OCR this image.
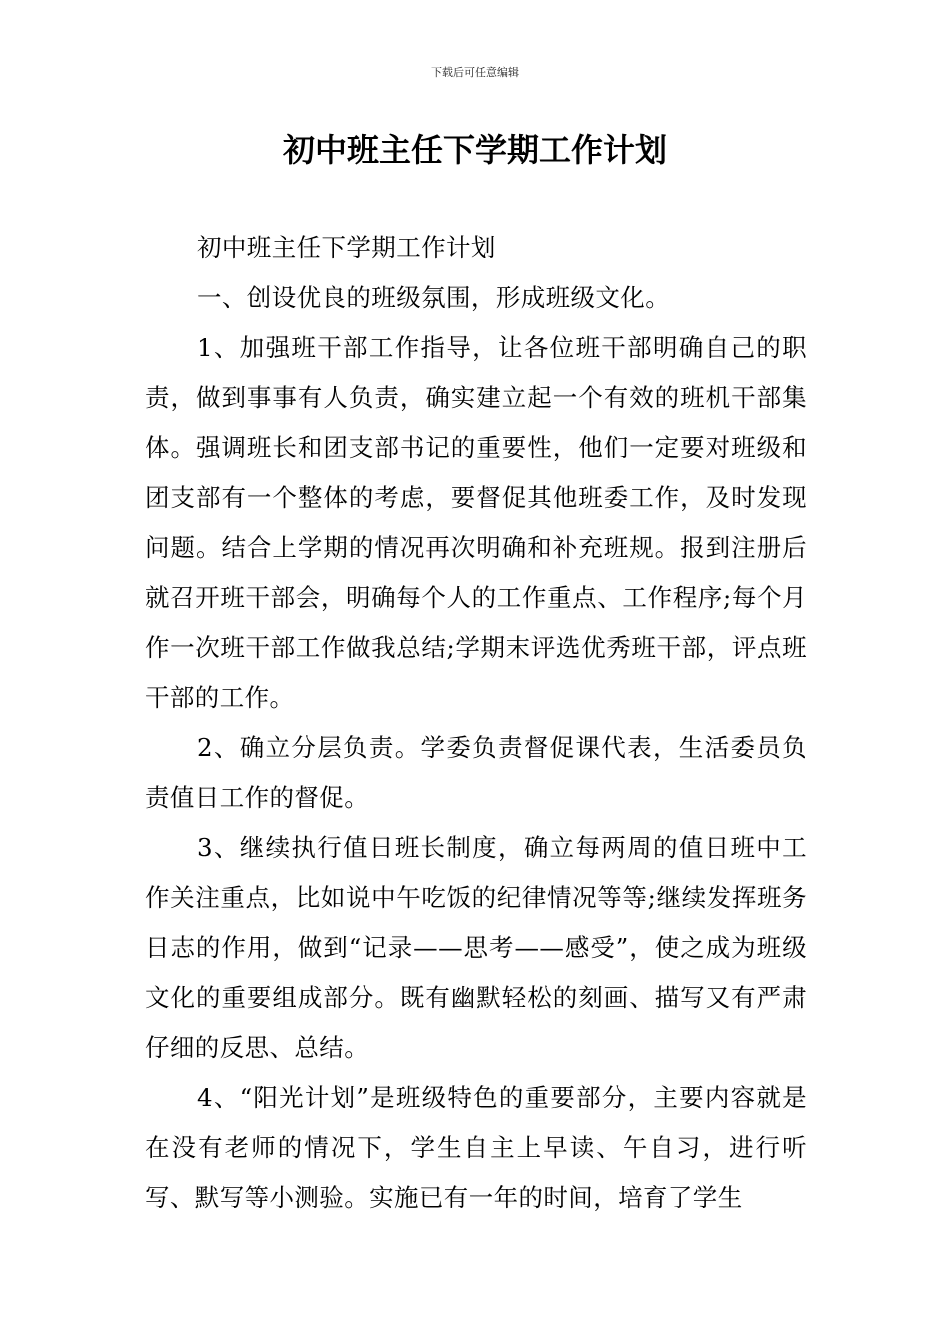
下载后可任意编辑
初中班主任下学期工作计划

初中班主任下学期工作计划

一、创设优良的班级氛围，形成班级文化。

1、加强班干部工作指导，让各位班干部明确自己的职责，做到事事有人负责，确实建立起一个有效的班机干部集体。强调班长和团支部书记的重要性，他们一定要对班级和团支部有一个整体的考虑，要督促其他班委工作，及时发现问题。结合上学期的情况再次明确和补充班规。报到注册后就召开班干部会，明确每个人的工作重点、工作程序;每个月作一次班干部工作做我总结;学期末评选优秀班干部，评点班干部的工作。

2、确立分层负责。学委负责督促课代表，生活委员负责值日工作的督促。

3、继续执行值日班长制度，确立每两周的值日班中工作关注重点，比如说中午吃饭的纪律情况等等;继续发挥班务日志的作用，做到“记录——思考——感受”，使之成为班级文化的重要组成部分。既有幽默轻松的刻画、描写又有严肃仔细的反思、总结。

4、“阳光计划”是班级特色的重要部分，主要内容就是在没有老师的情况下，学生自主上早读、午自习，进行听写、默写等小测验。实施已有一年的时间，培育了学生
